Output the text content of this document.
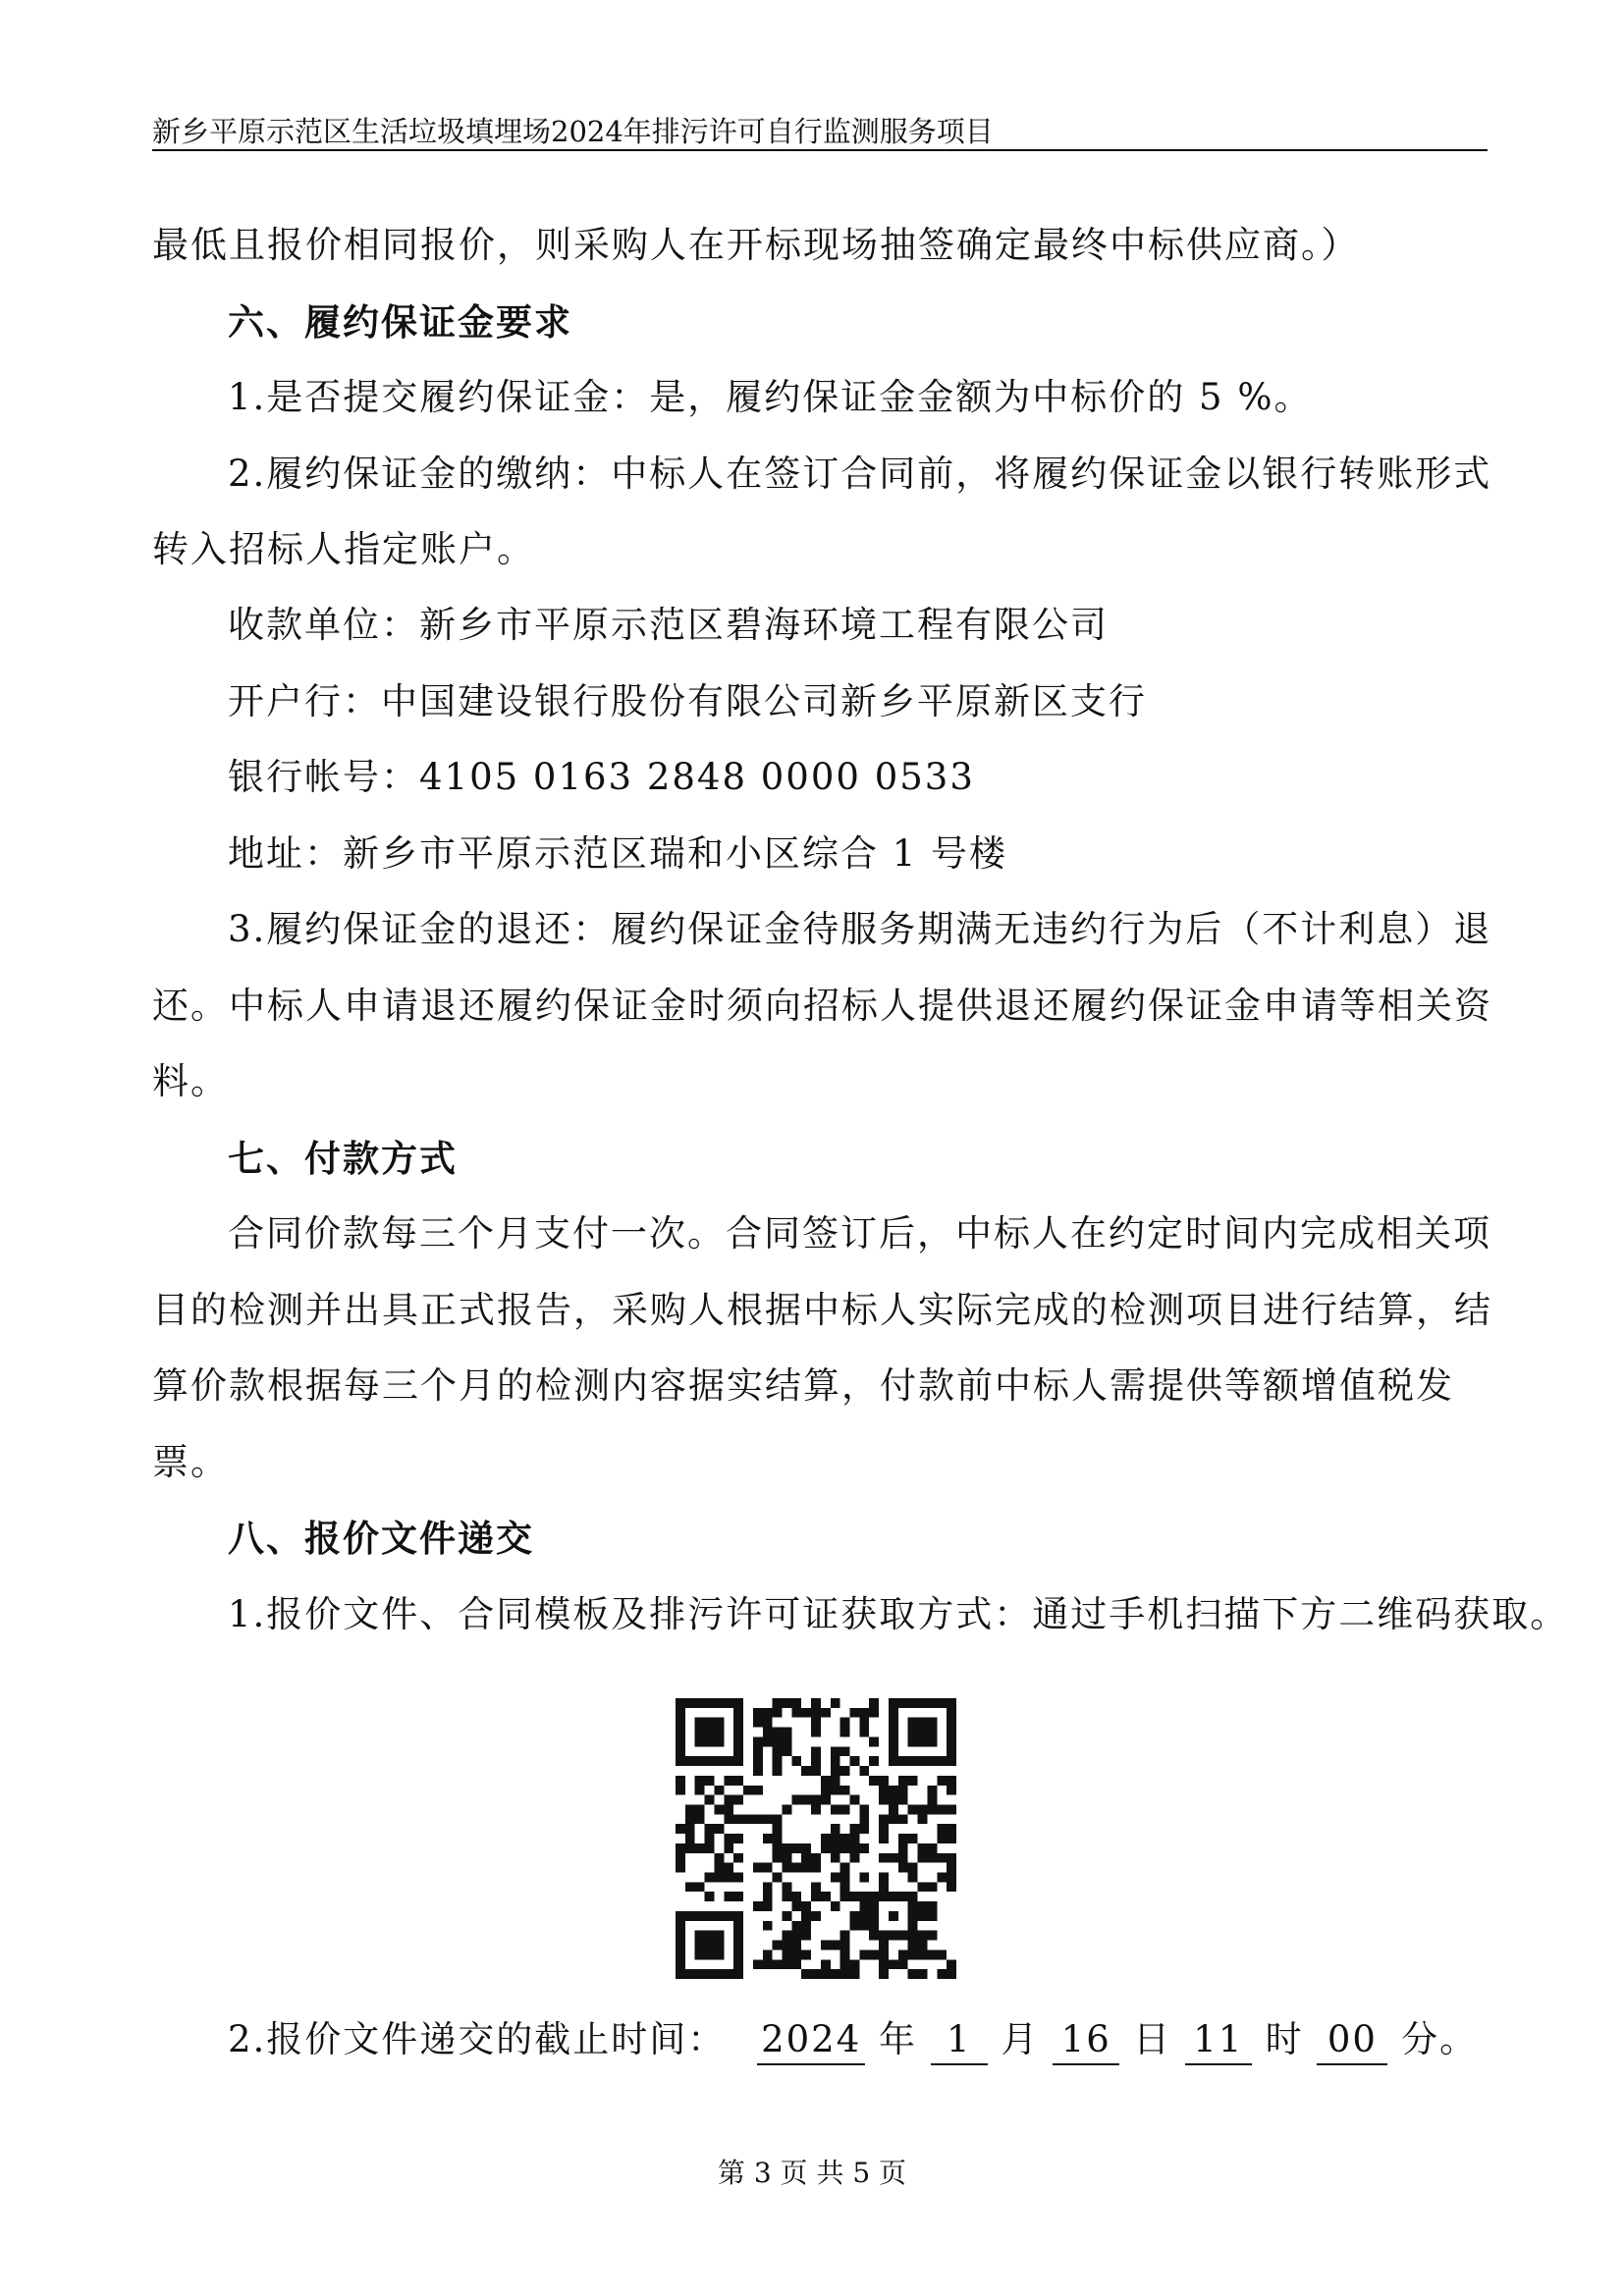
新乡平原示范区生活垃圾填埋场2024年排污许可自行监测服务项目
最低且报价相同报价，则采购人在开标现场抽签确定最终中标供应商。）
六、履约保证金要求
1.是否提交履约保证金：是，履约保证金金额为中标价的 5 %。
2.履约保证金的缴纳：中标人在签订合同前，将履约保证金以银行转账形式
转入招标人指定账户。
收款单位：新乡市平原示范区碧海环境工程有限公司
开户行：中国建设银行股份有限公司新乡平原新区支行
银行帐号：4105 0163 2848 0000 0533
地址：新乡市平原示范区瑞和小区综合 1 号楼
3.履约保证金的退还：履约保证金待服务期满无违约行为后（不计利息）退
还。中标人申请退还履约保证金时须向招标人提供退还履约保证金申请等相关资
料。
七、付款方式
合同价款每三个月支付一次。合同签订后，中标人在约定时间内完成相关项
目的检测并出具正式报告，采购人根据中标人实际完成的检测项目进行结算，结
算价款根据每三个月的检测内容据实结算，付款前中标人需提供等额增值税发
票。
八、报价文件递交
1.报价文件、合同模板及排污许可证获取方式：通过手机扫描下方二维码获取。
2.报价文件递交的截止时间： 2024 年 1 月 16 日 11 时 00 分。
第 3 页 共 5 页
